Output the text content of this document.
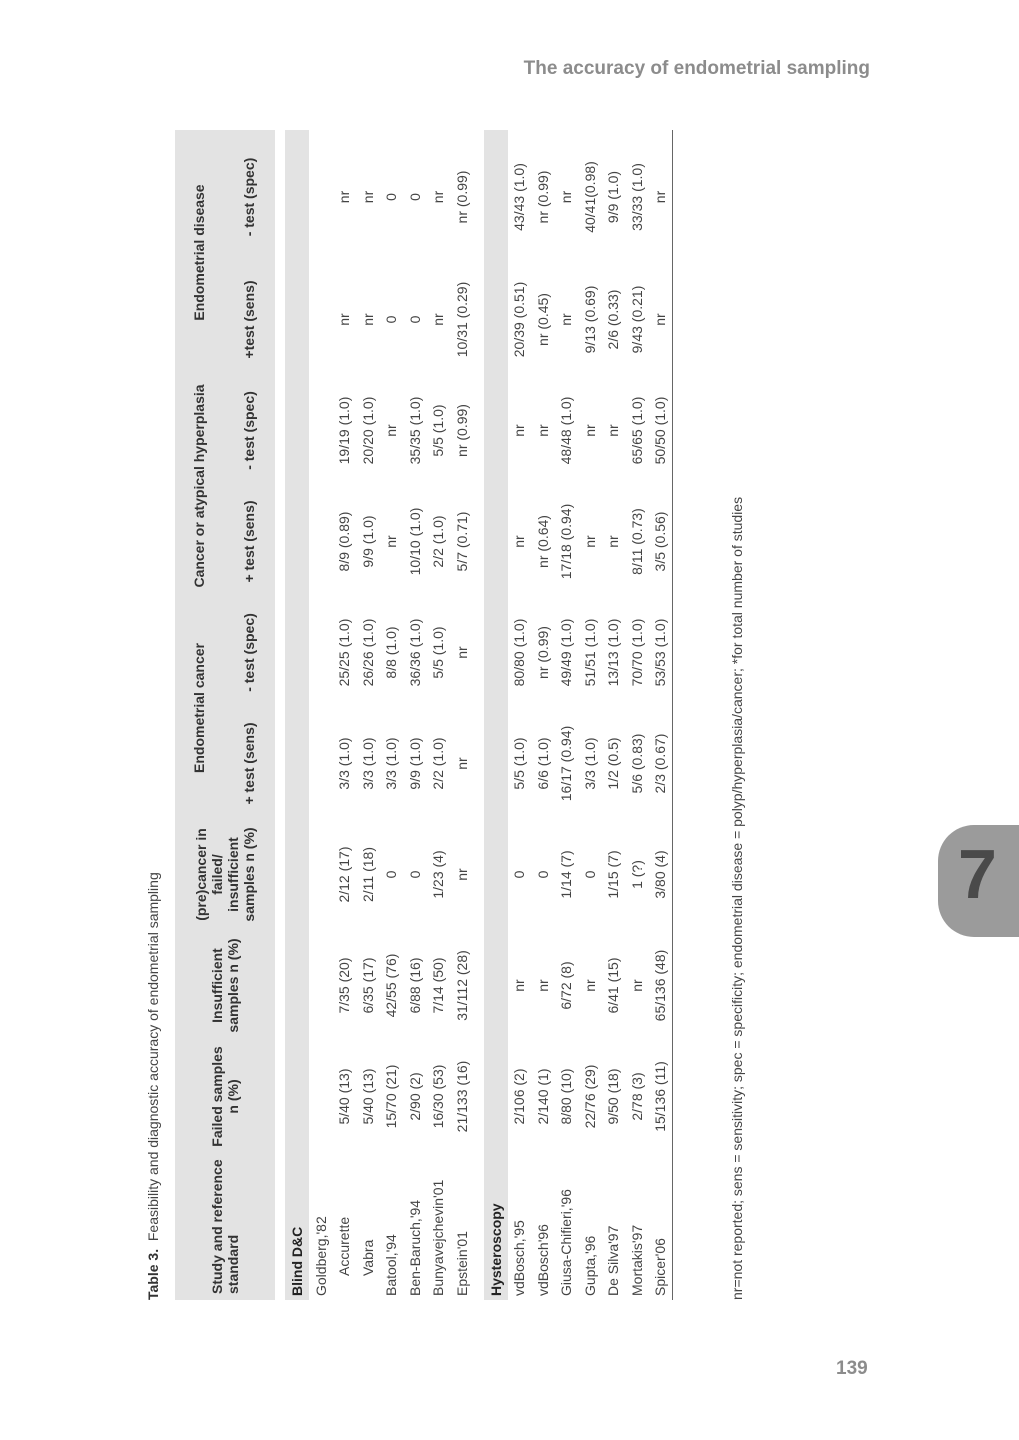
The accuracy of endometrial sampling
139
7
Table 3.  Feasibility and diagnostic accuracy of endometrial sampling	Study and reference standard	Failed samples n (%)	Insufficient samples n (%)	(pre)cancer in failed/ insufficient samples n (%)	Endometrial cancer		Cancer or atypical hyperplasia		Endometrial disease	
				+ test (sens)	- test (spec)	+ test (sens)	- test (spec)	+test (sens)	- test (spec)

Blind D&C									
Goldberg,'82									
Accurette	5/40 (13)	7/35 (20)	2/12 (17)	3/3 (1.0)	25/25 (1.0)	8/9 (0.89)	19/19 (1.0)	nr	nr
Vabra	5/40 (13)	6/35 (17)	2/11 (18)	3/3 (1.0)	26/26 (1.0)	9/9 (1.0)	20/20 (1.0)	nr	nr
Batool,'94	15/70 (21)	42/55 (76)	0	3/3 (1.0)	8/8 (1.0)	nr	nr	0	0
Ben-Baruch,'94	2/90 (2)	6/88 (16)	0	9/9 (1.0)	36/36 (1.0)	10/10 (1.0)	35/35 (1.0)	0	0
Bunyavejchevin'01	16/30 (53)	7/14 (50)	1/23 (4)	2/2 (1.0)	5/5 (1.0)	2/2 (1.0)	5/5 (1.0)	nr	nr
Epstein'01	21/133 (16)	31/112 (28)	nr	nr	nr	5/7 (0.71)	nr (0.99)	10/31 (0.29)	nr (0.99)

Hysteroscopy									
vdBosch,'95	2/106 (2)	nr	0	5/5 (1.0)	80/80 (1.0)	nr	nr	20/39 (0.51)	43/43 (1.0)
vdBosch'96	2/140 (1)	nr	0	6/6 (1.0)	nr (0.99)	nr (0.64)	nr	nr (0.45)	nr (0.99)
Giusa-Chifieri,'96	8/80 (10)	6/72 (8)	1/14 (7)	16/17 (0.94)	49/49 (1.0)	17/18 (0.94)	48/48 (1.0)	nr	nr
Gupta,'96	22/76 (29)	nr	0	3/3 (1.0)	51/51 (1.0)	nr	nr	9/13 (0.69)	40/41(0.98)
De Silva'97	9/50 (18)	6/41 (15)	1/15 (7)	1/2 (0.5)	13/13 (1.0)	nr	nr	2/6 (0.33)	9/9 (1.0)
Mortakis'97	2/78 (3)	nr	1 (?)	5/6 (0.83)	70/70 (1.0)	8/11 (0.73)	65/65 (1.0)	9/43 (0.21)	33/33 (1.0)
Spicer'06	15/136 (11)	65/136 (48)	3/80 (4)	2/3 (0.67)	53/53 (1.0)	3/5 (0.56)	50/50 (1.0)	nr	nr
nr=not reported; sens = sensitivity; spec = specificity; endometrial disease = polyp/hyperplasia/cancer; *for total number of studies
